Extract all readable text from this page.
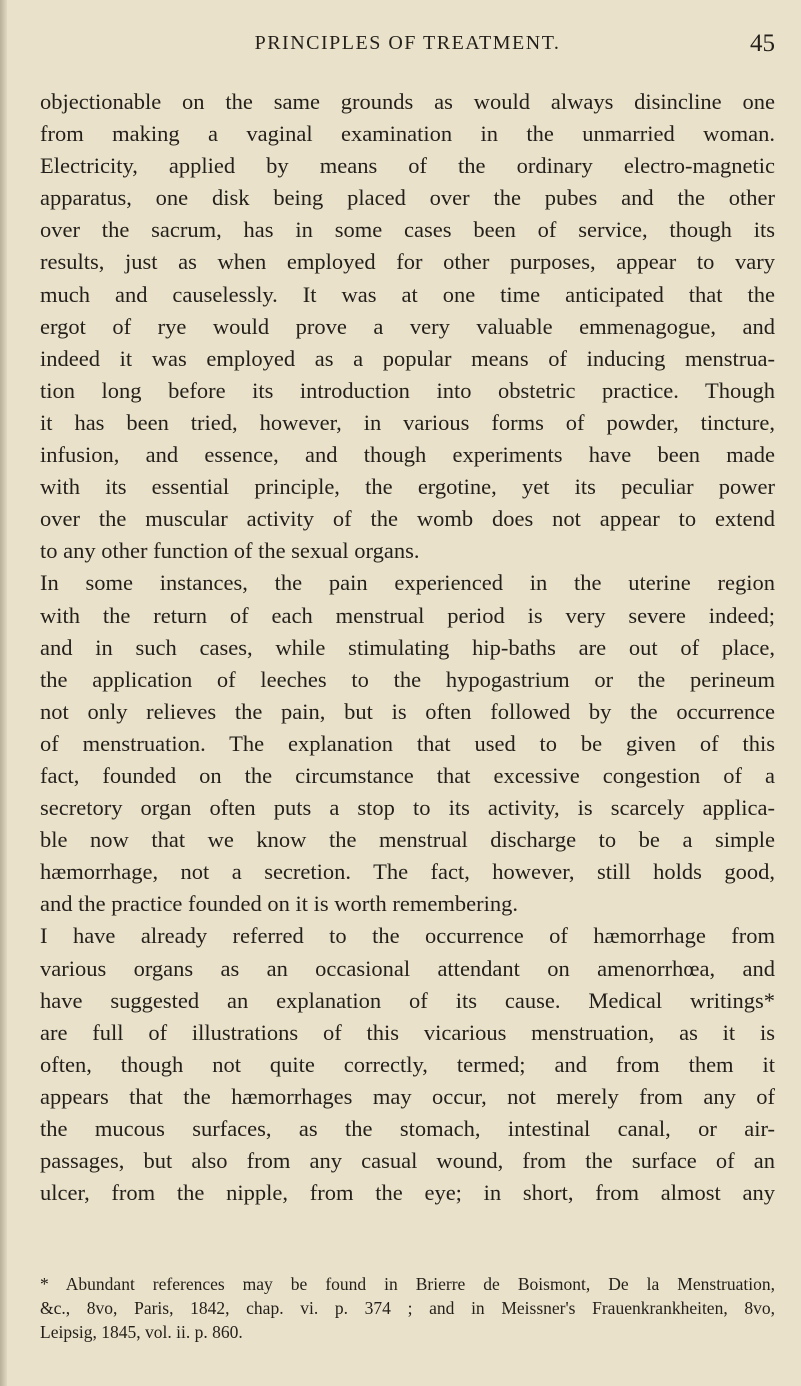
PRINCIPLES OF TREATMENT.	45
objectionable on the same grounds as would always disincline one
from making a vaginal examination in the unmarried woman.
Electricity, applied by means of the ordinary electro-magnetic
apparatus, one disk being placed over the pubes and the other
over the sacrum, has in some cases been of service, though its
results, just as when employed for other purposes, appear to vary
much and causelessly. It was at one time anticipated that the
ergot of rye would prove a very valuable emmenagogue, and
indeed it was employed as a popular means of inducing menstrua-
tion long before its introduction into obstetric practice. Though
it has been tried, however, in various forms of powder, tincture,
infusion, and essence, and though experiments have been made
with its essential principle, the ergotine, yet its peculiar power
over the muscular activity of the womb does not appear to extend
to any other function of the sexual organs.
In some instances, the pain experienced in the uterine region
with the return of each menstrual period is very severe indeed;
and in such cases, while stimulating hip-baths are out of place,
the application of leeches to the hypogastrium or the perineum
not only relieves the pain, but is often followed by the occurrence
of menstruation. The explanation that used to be given of this
fact, founded on the circumstance that excessive congestion of a
secretory organ often puts a stop to its activity, is scarcely applica-
ble now that we know the menstrual discharge to be a simple
hæmorrhage, not a secretion. The fact, however, still holds good,
and the practice founded on it is worth remembering.
I have already referred to the occurrence of hæmorrhage from
various organs as an occasional attendant on amenorrhœa, and
have suggested an explanation of its cause. Medical writings*
are full of illustrations of this vicarious menstruation, as it is
often, though not quite correctly, termed; and from them it
appears that the hæmorrhages may occur, not merely from any of
the mucous surfaces, as the stomach, intestinal canal, or air-
passages, but also from any casual wound, from the surface of an
ulcer, from the nipple, from the eye; in short, from almost any
* Abundant references may be found in Brierre de Boismont, De la Menstruation,
&c., 8vo, Paris, 1842, chap. vi. p. 374 ; and in Meissner's Frauenkrankheiten, 8vo,
Leipsig, 1845, vol. ii. p. 860.
